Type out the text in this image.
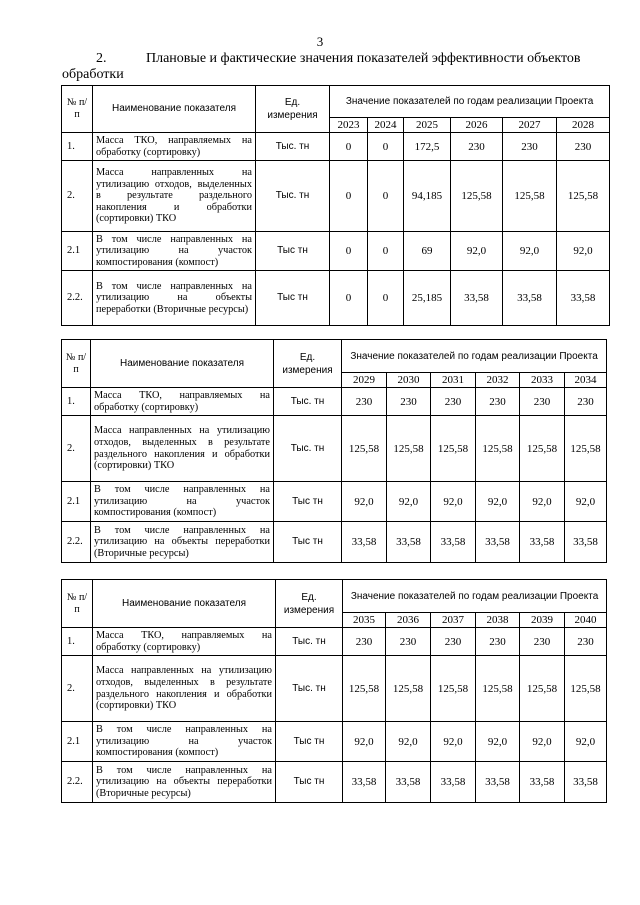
3
2.	Плановые и фактические значения показателей эффективности объектов
обработки
№ п/п	Наименование показателя	Ед. измерения	Значение показателей по годам реализации Проекта					
			2023	2024	2025	2026	2027	2028
1.	Масса ТКО, направляемых на обработку (сортировку)	Тыс. тн	0	0	172,5	230	230	230
2.	Масса направленных на утилизацию отходов, выделенных в результате раздельного накопления и обработки (сортировки) ТКО	Тыс. тн	0	0	94,185	125,58	125,58	125,58
2.1	В том числе направленных на утилизацию на участок компостирования (компост)	Тыс тн	0	0	69	92,0	92,0	92,0
2.2.	В том числе направленных на утилизацию на объекты переработки (Вторичные ресурсы)	Тыс тн	0	0	25,185	33,58	33,58	33,58
№ п/п	Наименование показателя	Ед. измерения	Значение показателей по годам реализации Проекта					
			2029	2030	2031	2032	2033	2034
1.	Масса ТКО, направляемых на обработку (сортировку)	Тыс. тн	230	230	230	230	230	230
2.	Масса направленных на утилизацию отходов, выделенных в результате раздельного накопления и обработки (сортировки) ТКО	Тыс. тн	125,58	125,58	125,58	125,58	125,58	125,58
2.1	В том числе направленных на утилизацию на участок компостирования (компост)	Тыс тн	92,0	92,0	92,0	92,0	92,0	92,0
2.2.	В том числе направленных на утилизацию на объекты переработки (Вторичные ресурсы)	Тыс тн	33,58	33,58	33,58	33,58	33,58	33,58
№ п/п	Наименование показателя	Ед. измерения	Значение показателей по годам реализации Проекта					
			2035	2036	2037	2038	2039	2040
1.	Масса ТКО, направляемых на обработку (сортировку)	Тыс. тн	230	230	230	230	230	230
2.	Масса направленных на утилизацию отходов, выделенных в результате раздельного накопления и обработки (сортировки) ТКО	Тыс. тн	125,58	125,58	125,58	125,58	125,58	125,58
2.1	В том числе направленных на утилизацию на участок компостирования (компост)	Тыс тн	92,0	92,0	92,0	92,0	92,0	92,0
2.2.	В том числе направленных на утилизацию на объекты переработки (Вторичные ресурсы)	Тыс тн	33,58	33,58	33,58	33,58	33,58	33,58
